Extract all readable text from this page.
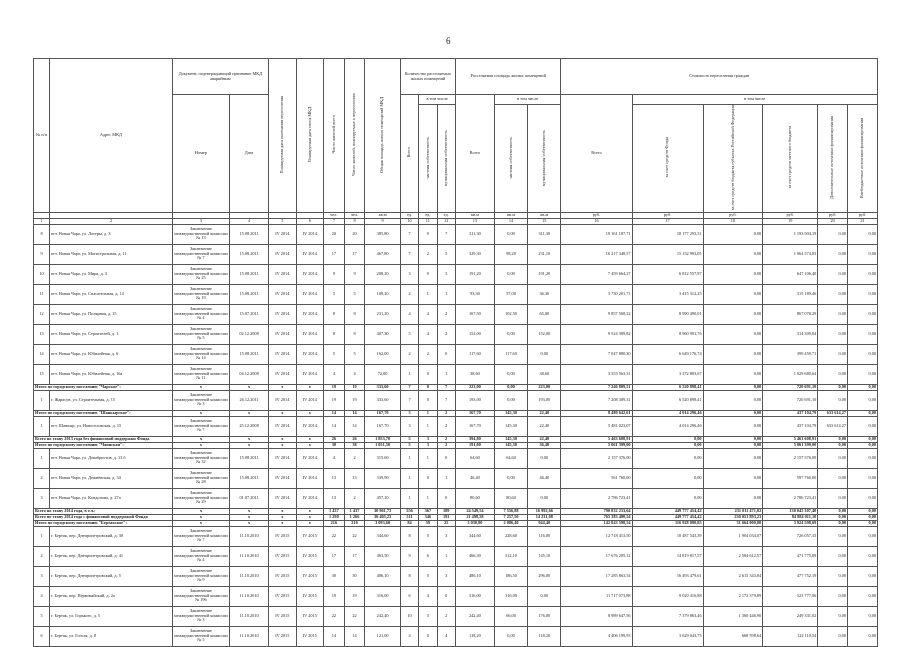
6
№ п/п	Адрес МКД	Документ, подтверждающий признание МКД аварийным		Планируемая дата окончания переселения	Планируемая дата сноса МКД	Число жителей всего	Число жителей, планируемых к переселению	Общая площадь жилых помещений МКД	Количество расселяемых жилых помещений			Расселяемая площадь жилых помещений			Стоимость переселения граждан					
		Номер	Дата						Всего	в том числе		Всего	в том числе		Всего	в том числе				
										частная собственность	муниципальная собственность		частная собственность	муниципальная собственность		за счет средств Фонда	за счет средств бюджета субъекта Российской Федерации	за счет средств местного бюджета	Дополнительные источники финансирования	Внебюджетные источники финансирования
						чел.	чел.	кв.м	ед.	ед.	ед.	кв.м	кв.м	кв.м	руб.	руб.	руб.	руб.	руб.	руб.
1	2	3	4	5	6	7	8	9	10	11	12	13	14	15	16	17	18	19	20	21
8	пгт. Новая Чара, ул. Лотеры, д. 3	Заключение межведомственной комиссии № 13	15.08.2011	IV 2014	IV 2014	20	20	385,80	7	0	7	311,30	0,00	311,30	19 161 187,71	18 177 293,51	0,00	1 193 904,19	0,00	0,00
9	пгт. Новая Чара, ул. Магистральная, д. 11	Заключение межведомственной комиссии № 7	15.08.2011	IV 2014	IV 2014	17	17	467,80	7	2	5	329,30	98,20	231,10	16 217 348,57	15 152 993,05	0,00	1 064 574,83	0,00	0,00
10	пгт. Новая Чара, ул. Мира, д. 3	Заключение межведомственной комиссии № 25	15.08.2011	IV 2014	IV 2014	9	9	208,20	3	0	3	191,20	0,00	191,20	7 459 664,27	6 812 557,87	0,00	647 106,40	0,00	0,00
11	пгт. Новая Чара, ул. Спасательная, д. 14	Заключение межведомственной комиссии № 19	15.08.2011	IV 2014	IV 2014	5	5	108,20	2	1	1	93,30	57,00	36,30	3 730 201,71	3 415 312,25	0,00	315 189,46	0,00	0,00
12	пгт. Новая Чара, ул. Полярная, д. 15	Заключение межведомственной комиссии № 4	15.07.2011	IV 2014	IV 2014	8	8	231,20	4	4	2	167,50	102,50	65,00	9 857 568,22	8 990 490,01	0,00	867 078,29	0,00	0,00
13	пгт. Новая Чара, ул. Строителей, д. 1	Заключение межведомственной комиссии № 5	02.12.2008	IV 2014	IV 2014	8	8	407,30	5	4	2	152,00	0,00	152,00	9 524 389,82	8 960 991,76	0,00	314 309,04	0,00	0,00
14	пгт. Новая Чара, ул. Юбилейная, д. 6	Заключение межведомственной комиссии № 14	15.08.2011	IV 2014	IV 2014	5	5	162,00	2	2	0	117,60	117,60	0,00	7 047 880,30	6 649 176,74	0,00	399 459,71	0,00	0,00
15	пгт. Новая Чара, ул. Юбилейная, д. 16а	Заключение межведомственной комиссии № 11	04.12.2008	IV 2014	IV 2014	4	4	72,00	1	0	1	38,60	0,00	38,60	3 353 563,31	3 272 883,67	0,00	1 029 680,64	0,00	0,00
Итого по городскому поселению "Чарское":		x	x	x	x	19	19	333,60	7	0	7	223,00	0,00	223,00	7 246 809,51	6 520 898,41	0,00	720 691,10	0,00	0,00
1	г. Жарасун, ул. Строительная, д. 15	Заключение межведомственной комиссии № 3	26.12.2011	IV 2014	IV 2014	19	19	333,60	7	0	7	193,00	0,00	193,00	7 208 309,31	6 520 898,41	0,00	720 691,10	0,00	0,00
Итого по городскому поселению "Шанкырское":		x	x	x	x	14	14	167,70	3	1	2	167,70	145,30	22,40	8 480 642,61	4 014 296,46	0,00	437 104,79	633 614,27	0,00
1	пгт. Шанкыр, ул. Новоселовская, д. 15	Заключение межведомственной комиссии № 7	25.12.2008	IV 2014	IV 2014	14	14	167,70	3	1	2	167,70	145,30	22,40	5 481 023,07	4 014 296,46	0,00	437 104,79	633 614,27	0,00
Всего по этапу 2013 года без финансовой поддержки Фонда		x	x	x	x	26	26	1 853,70	5	3	2	394,80	145,30	22,40	5 463 608,91	0,00	0,00	5 463 608,91	0,00	0,00
Итого по городскому поселению "Чаинская":		x	x	x	x	38	38	1 051,50	5	3	2	191,00	145,30	36,40	5 061 399,00	0,00	0,00	5 061 399,00	0,00	0,00
1	пгт. Новая Чара, ул. Декабристов, д. 13 б	Заключение межведомственной комиссии № 32	15.08.2011	IV 2014	IV 2014	4	2	315,60	1	1	0	64,60	64,60	0,00	2 157 376,00	0,00	0,00	2 157 376,00	0,00	0,00
2	пгт. Новая Чара, ул. Дежнёвская, д. 34	Заключение межведомственной комиссии № 28	15.08.2011	IV 2014	IV 2014	13	13	339,90	1	0	1	46,40	0,00	46,40	561 760,00	0,00	0,00	597 760,00	0,00	0,00
3	пгт. Новая Чара, ул. Кондопова, д. 27а	Заключение межведомственной комиссии № 29	01.07.2011	IV 2014	IV 2014	13	2	457,10	1	1	0	80,60	80,60	0,00	2 786 723,41	0,00	0,00	2 786 723,41	0,00	0,00
Всего по этапу 2014 года, в т.ч.:		x	x	x	x	1 437	1 437	30 961,73	556	367	189	24 549,54	7 556,88	16 992,66	790 832 233,64	449 777 454,42	231 011 471,82	130 045 307,40	0,00	0,00
Всего по этапу 2014 года с финансовой поддержкой Фонда		x	x	x	x	1 290	1 266	30 405,23	511	346	193	21 498,58	7 257,50	14 231,08	765 383 490,54	449 777 454,42	230 051 893,23	84 884 011,10	0,00	0,00
Итого по городскому поселению "Бертакское":		x	x	x	x	216	216	3 093,60	84	59	25	3 030,80	2 086,40	944,40	142 843 598,54	116 928 090,85	31 664 000,00	3 924 598,69	0,00	0,00
1	г. Бертак, пер. Днепропетровский, д. 30	Заключение межведомственной комиссии № 7	11.10.2010	IV 2015	IV 2015	22	22	344,60	8	5	3	344,60	228,60	116,00	12 718 413,50	10 487 543,39	1 904 034,07	726 057,33	0,00	0,00
2	г. Бертак, пер. Днепропетровский, д. 41	Заключение межведомственной комиссии № 4	11.10.2010	IV 2015	IV 2015	17	17	463,50	9	6	1	466,30	312,10	145,10	17 676 205,12	14 819 817,57	2 584 612,57	471 775,09	0,00	0,00
3	г. Бертак, пер. Днепропетровский, д. 5	Заключение межведомственной комиссии № 9	11.10.2010	IV 2015	IV 2015	30	30	486,10	8	5	3	486,10	186,50	296,00	17 285 863,54	16 493 479,61	2 615 343,84	477 752,19	0,00	0,00
4	г. Бертак, пер. Первомайский, д. 2а	Заключение межведомственной комиссии № 196	11.10.2010	IV 2015	IV 2015	19	19	316,00	6	4	0	316,00	316,00	0,00	11 717 073,88	9 020 416,88	2 172 379,89	523 777,06	0,00	0,00
5	г. Бертак, ул. Горького, д. 5	Заключение межведомственной комиссии № 3	11.10.2010	IV 2015	IV 2015	22	22	242,40	10	3	2	242,40	66,00	176,00	8 989 647,56	7 379 863,46	1 360 446,90	249 331,02	0,00	0,00
6	г. Бертак, ул. Гоголя, д. 8	Заключение межведомственной комиссии № 5	11.10.2010	IV 2015	IV 2015	14	14	121,00	4	0	4	118,20	0,00	118,20	4 406 199,93	3 629 043,75	668 598,64	122 110,54	0,00	0,00
